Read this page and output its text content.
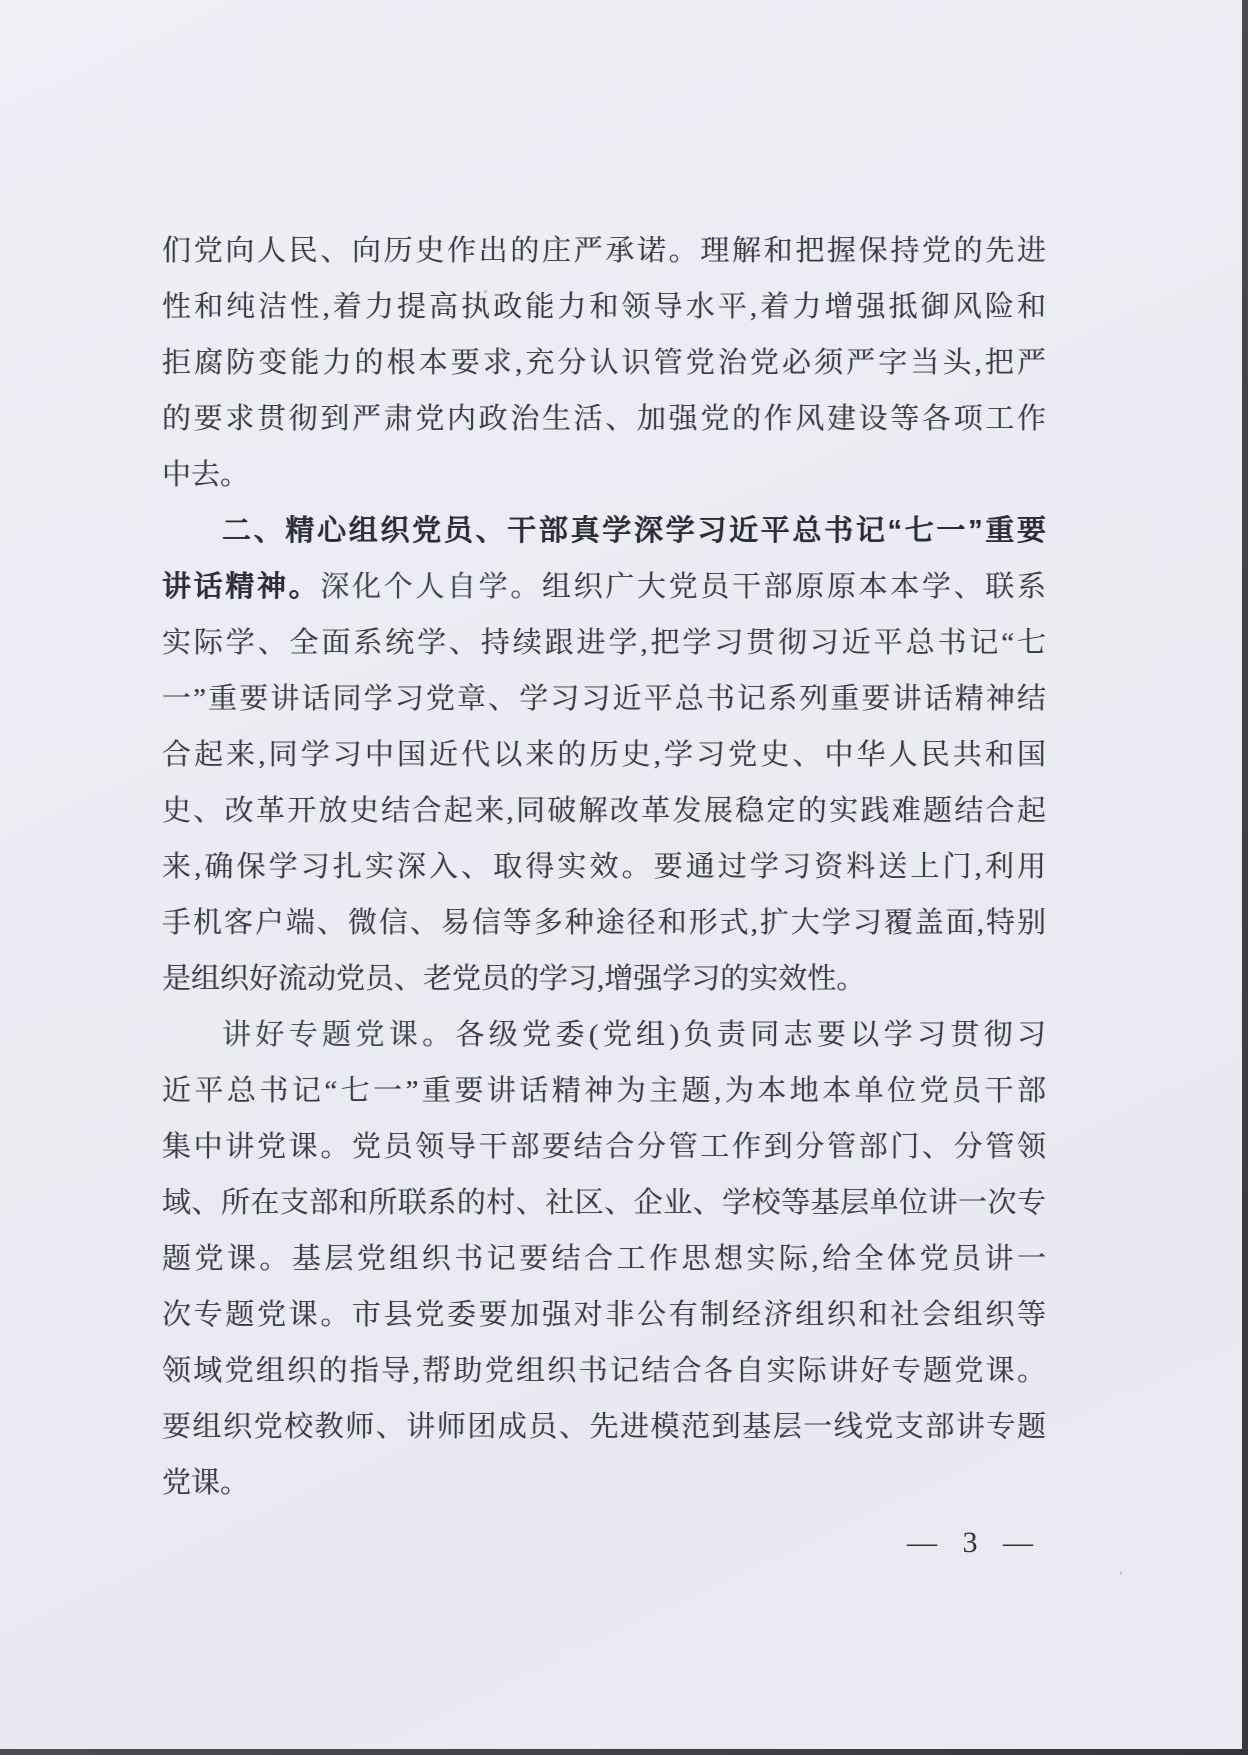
们党向人民、向历史作出的庄严承诺。理解和把握保持党的先进
性和纯洁性,着力提高执政能力和领导水平,着力增强抵御风险和
拒腐防变能力的根本要求,充分认识管党治党必须严字当头,把严
的要求贯彻到严肃党内政治生活、加强党的作风建设等各项工作
中去。
二、精心组织党员、干部真学深学习近平总书记“七一”重要
讲话精神。深化个人自学。组织广大党员干部原原本本学、联系
实际学、全面系统学、持续跟进学,把学习贯彻习近平总书记“七
一”重要讲话同学习党章、学习习近平总书记系列重要讲话精神结
合起来,同学习中国近代以来的历史,学习党史、中华人民共和国
史、改革开放史结合起来,同破解改革发展稳定的实践难题结合起
来,确保学习扎实深入、取得实效。要通过学习资料送上门,利用
手机客户端、微信、易信等多种途径和形式,扩大学习覆盖面,特别
是组织好流动党员、老党员的学习,增强学习的实效性。
讲好专题党课。各级党委(党组)负责同志要以学习贯彻习
近平总书记“七一”重要讲话精神为主题,为本地本单位党员干部
集中讲党课。党员领导干部要结合分管工作到分管部门、分管领
域、所在支部和所联系的村、社区、企业、学校等基层单位讲一次专
题党课。基层党组织书记要结合工作思想实际,给全体党员讲一
次专题党课。市县党委要加强对非公有制经济组织和社会组织等
领域党组织的指导,帮助党组织书记结合各自实际讲好专题党课。
要组织党校教师、讲师团成员、先进模范到基层一线党支部讲专题
党课。
— 3 —
